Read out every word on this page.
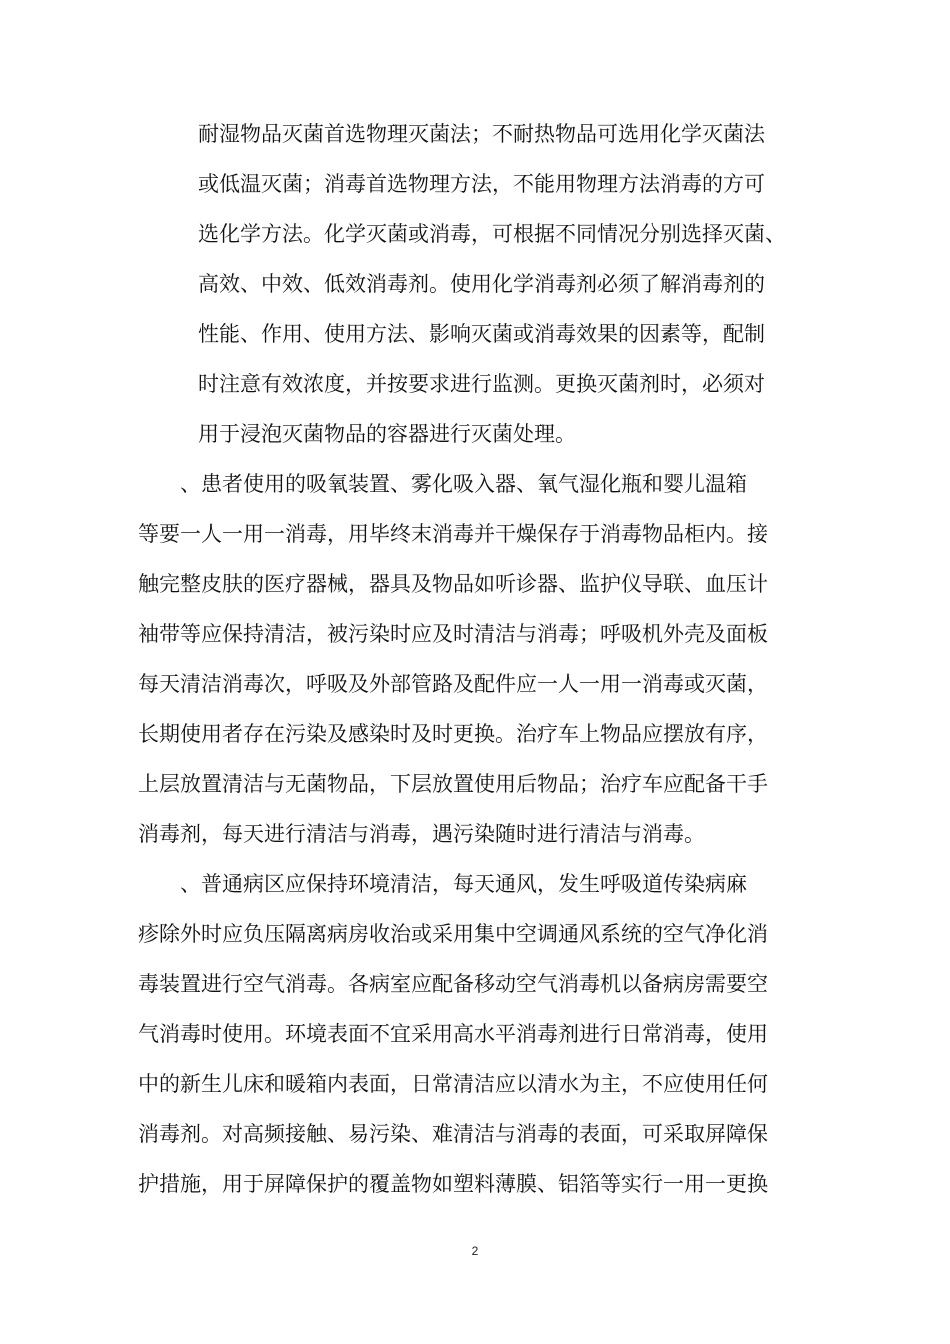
耐湿物品灭菌首选物理灭菌法；不耐热物品可选用化学灭菌法
或低温灭菌；消毒首选物理方法，不能用物理方法消毒的方可
选化学方法。化学灭菌或消毒，可根据不同情况分别选择灭菌、
高效、中效、低效消毒剂。使用化学消毒剂必须了解消毒剂的
性能、作用、使用方法、影响灭菌或消毒效果的因素等，配制
时注意有效浓度，并按要求进行监测。更换灭菌剂时，必须对
用于浸泡灭菌物品的容器进行灭菌处理。
、患者使用的吸氧装置、雾化吸入器、氧气湿化瓶和婴儿温箱
等要一人一用一消毒，用毕终末消毒并干燥保存于消毒物品柜内。接
触完整皮肤的医疗器械，器具及物品如听诊器、监护仪导联、血压计
袖带等应保持清洁，被污染时应及时清洁与消毒；呼吸机外壳及面板
每天清洁消毒次，呼吸及外部管路及配件应一人一用一消毒或灭菌，
长期使用者存在污染及感染时及时更换。治疗车上物品应摆放有序，
上层放置清洁与无菌物品，下层放置使用后物品；治疗车应配备干手
消毒剂，每天进行清洁与消毒，遇污染随时进行清洁与消毒。
、普通病区应保持环境清洁，每天通风，发生呼吸道传染病麻
疹除外时应负压隔离病房收治或采用集中空调通风系统的空气净化消
毒装置进行空气消毒。各病室应配备移动空气消毒机以备病房需要空
气消毒时使用。环境表面不宜采用高水平消毒剂进行日常消毒，使用
中的新生儿床和暖箱内表面，日常清洁应以清水为主，不应使用任何
消毒剂。对高频接触、易污染、难清洁与消毒的表面，可采取屏障保
护措施，用于屏障保护的覆盖物如塑料薄膜、铝箔等实行一用一更换
2
